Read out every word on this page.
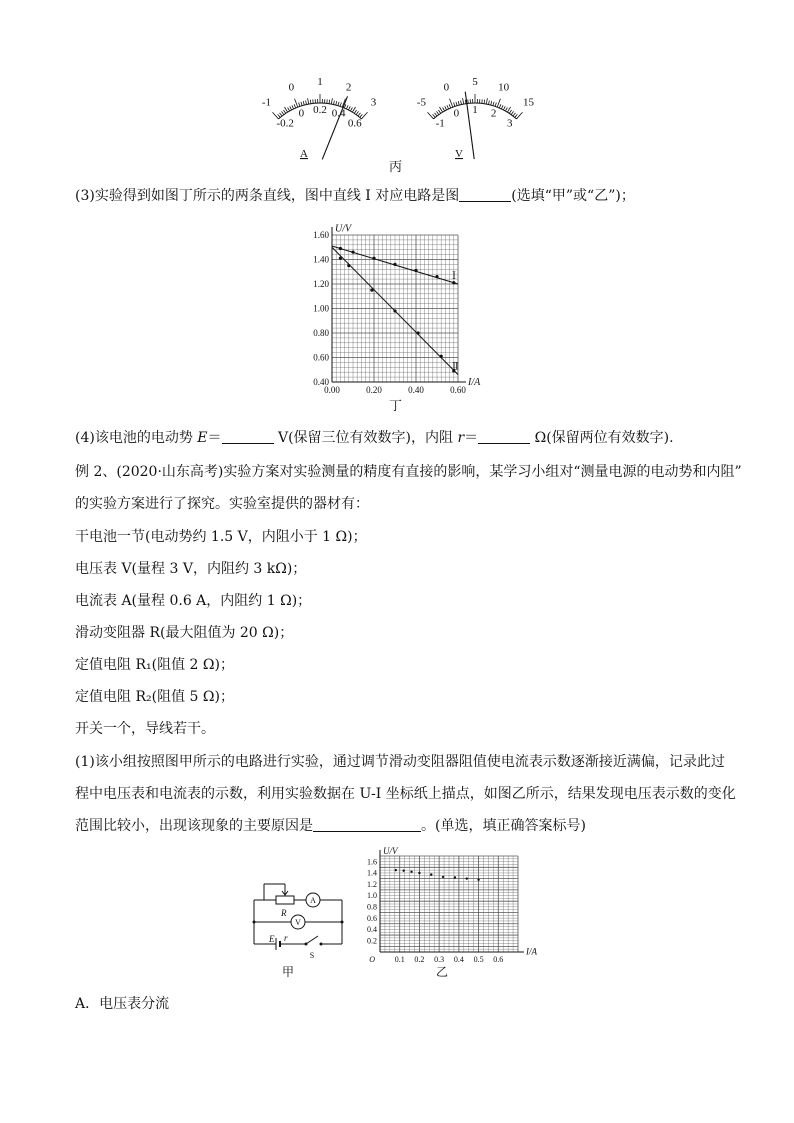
-1
0 1 2
3
-0.2
0 0.2 0.4
0.6
A
-5
0 5 10
15
-1
0 1 2
3
V
丙
(3)实验得到如图丁所示的两条直线，图中直线 I 对应电路是图	(选填“甲”或“乙”)；
0.00	0.20	0.40	0.60
0.40
0.60
0.80
1.00
1.20
1.40
1.60
I/A
U/V
Ⅰ
Ⅱ
丁
(4)该电池的电动势 E＝	V(保留三位有效数字)，内阻 r＝	Ω(保留两位有效数字).
例 2、(2020·山东高考)实验方案对实验测量的精度有直接的影响，某学习小组对“测量电源的电动势和内阻”
的实验方案进行了探究。实验室提供的器材有：
干电池一节(电动势约 1.5 V，内阻小于 1 Ω)；
电压表 V(量程 3 V，内阻约 3 kΩ)；
电流表 A(量程 0.6 A，内阻约 1 Ω)；
滑动变阻器 R(最大阻值为 20 Ω)；
定值电阻 R₁(阻值 2 Ω)；
定值电阻 R₂(阻值 5 Ω)；
开关一个，导线若干。
(1)该小组按照图甲所示的电路进行实验，通过调节滑动变阻器阻值使电流表示数逐渐接近满偏，记录此过
程中电压表和电流表的示数，利用实验数据在 U-I 坐标纸上描点，如图乙所示，结果发现电压表示数的变化
范围比较小，出现该现象的主要原因是	。(单选，填正确答案标号)
R
E r
A
V
S
甲
0.1 0.2 0.3 0.4 0.5 0.6
0.2
0.4
0.6
0.8
1.0
1.2
1.4
1.6
I/A
U/V
O
乙
A．电压表分流
